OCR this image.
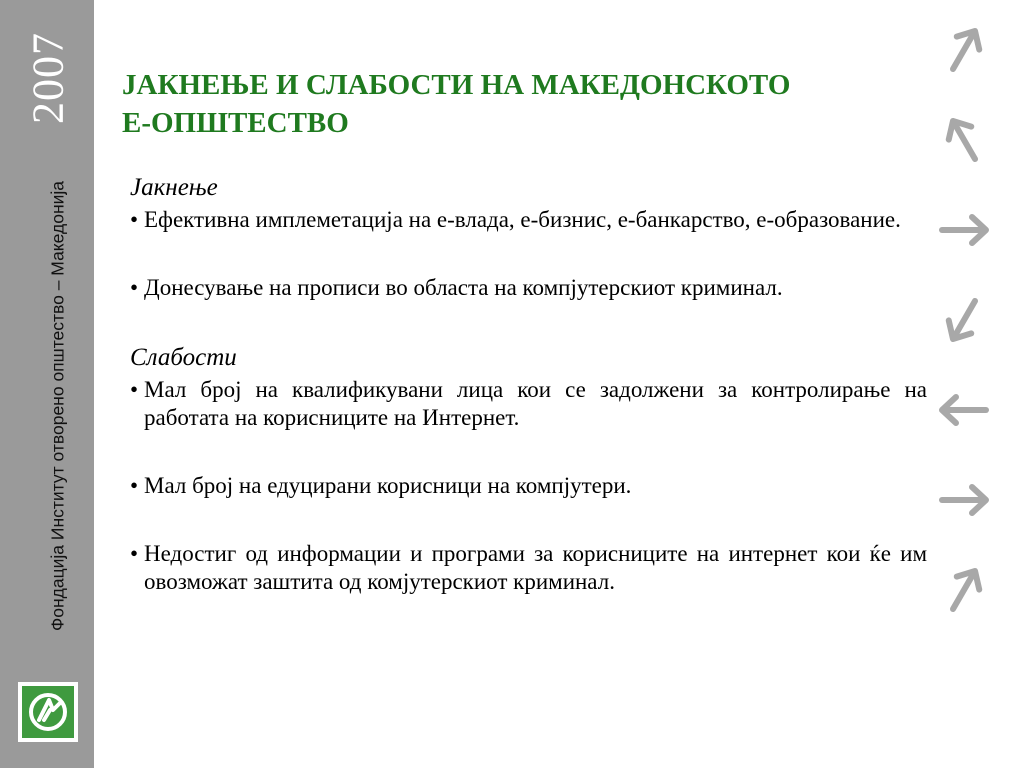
2007
Фондација Институт отворено општество – Македонија
ЈАКНЕЊЕ И СЛАБОСТИ НА МАКЕДОНСКОТО
Е-ОПШТЕСТВО
Јакнење
• Ефективна имплеметација на е-влада, е-бизнис, е-банкарство, е-образование.
• Донесување на прописи во областа на компјутерскиот криминал.
Слабости
• Мал број на квалификувани лица кои се задолжени за контролирање на работата на корисниците на Интернет.
• Мал број на едуцирани корисници на компјутери.
• Недостиг од информации и програми за корисниците на интернет кои ќе им овозможат заштита од комјутерскиот криминал.
